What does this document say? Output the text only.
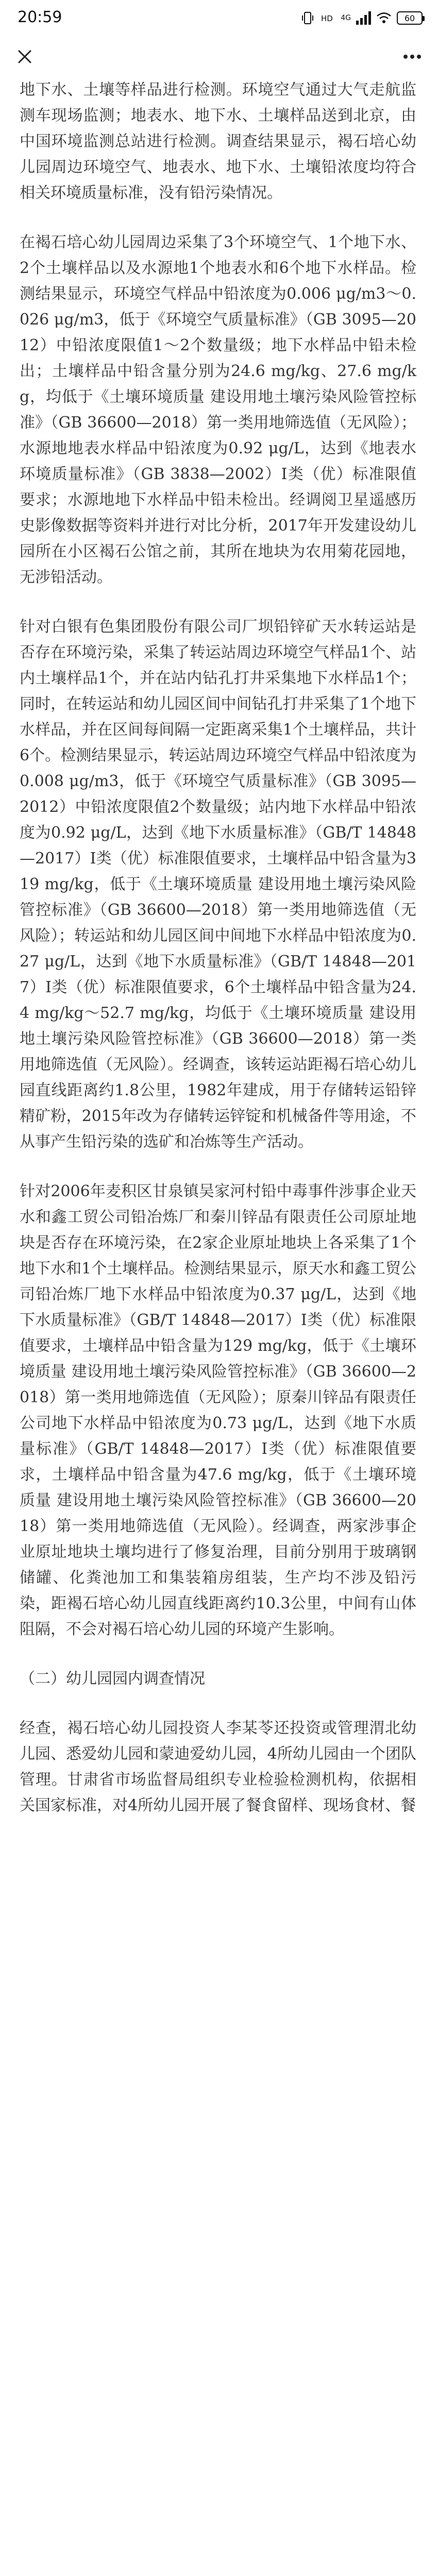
20:59	HD 4G	60

地下水、土壤等样品进行检测。环境空气通过大气走航监测车现场监测；地表水、地下水、土壤样品送到北京，由中国环境监测总站进行检测。调查结果显示，褐石培心幼儿园周边环境空气、地表水、地下水、土壤铅浓度均符合相关环境质量标准，没有铅污染情况。

在褐石培心幼儿园周边采集了3个环境空气、1个地下水、2个土壤样品以及水源地1个地表水和6个地下水样品。检测结果显示，环境空气样品中铅浓度为0.006 μg/m3～0.026 μg/m3，低于《环境空气质量标准》（GB 3095—2012）中铅浓度限值1～2个数量级；地下水样品中铅未检出；土壤样品中铅含量分别为24.6 mg/kg、27.6 mg/kg，均低于《土壤环境质量 建设用地土壤污染风险管控标准》（GB 36600—2018）第一类用地筛选值（无风险）；水源地地表水样品中铅浓度为0.92 μg/L，达到《地表水环境质量标准》（GB 3838—2002）Ⅰ类（优）标准限值要求；水源地地下水样品中铅未检出。经调阅卫星遥感历史影像数据等资料并进行对比分析，2017年开发建设幼儿园所在小区褐石公馆之前，其所在地块为农用菊花园地，无涉铅活动。

针对白银有色集团股份有限公司厂坝铅锌矿天水转运站是否存在环境污染，采集了转运站周边环境空气样品1个、站内土壤样品1个，并在站内钻孔打井采集地下水样品1个；同时，在转运站和幼儿园区间中间钻孔打井采集了1个地下水样品，并在区间每间隔一定距离采集1个土壤样品，共计6个。检测结果显示，转运站周边环境空气样品中铅浓度为0.008 μg/m3，低于《环境空气质量标准》（GB 3095—2012）中铅浓度限值2个数量级；站内地下水样品中铅浓度为0.92 μg/L，达到《地下水质量标准》（GB/T 14848—2017）Ⅰ类（优）标准限值要求，土壤样品中铅含量为319 mg/kg，低于《土壤环境质量 建设用地土壤污染风险管控标准》（GB 36600—2018）第一类用地筛选值（无风险）；转运站和幼儿园区间中间地下水样品中铅浓度为0.27 μg/L，达到《地下水质量标准》（GB/T 14848—2017）Ⅰ类（优）标准限值要求，6个土壤样品中铅含量为24.4 mg/kg～52.7 mg/kg，均低于《土壤环境质量 建设用地土壤污染风险管控标准》（GB 36600—2018）第一类用地筛选值（无风险）。经调查，该转运站距褐石培心幼儿园直线距离约1.8公里，1982年建成，用于存储转运铅锌精矿粉，2015年改为存储转运锌锭和机械备件等用途，不从事产生铅污染的选矿和冶炼等生产活动。

针对2006年麦积区甘泉镇吴家河村铅中毒事件涉事企业天水和鑫工贸公司铅冶炼厂和秦川锌品有限责任公司原址地块是否存在环境污染，在2家企业原址地块上各采集了1个地下水和1个土壤样品。检测结果显示，原天水和鑫工贸公司铅冶炼厂地下水样品中铅浓度为0.37 μg/L，达到《地下水质量标准》（GB/T 14848—2017）Ⅰ类（优）标准限值要求，土壤样品中铅含量为129 mg/kg，低于《土壤环境质量 建设用地土壤污染风险管控标准》（GB 36600—2018）第一类用地筛选值（无风险）；原秦川锌品有限责任公司地下水样品中铅浓度为0.73 μg/L，达到《地下水质量标准》（GB/T 14848—2017）Ⅰ类（优）标准限值要求，土壤样品中铅含量为47.6 mg/kg，低于《土壤环境质量 建设用地土壤污染风险管控标准》（GB 36600—2018）第一类用地筛选值（无风险）。经调查，两家涉事企业原址地块土壤均进行了修复治理，目前分别用于玻璃钢储罐、化粪池加工和集装箱房组装，生产均不涉及铅污染，距褐石培心幼儿园直线距离约10.3公里，中间有山体阻隔，不会对褐石培心幼儿园的环境产生影响。

（二）幼儿园园内调查情况

经查，褐石培心幼儿园投资人李某苓还投资或管理渭北幼儿园、悉爱幼儿园和蒙迪爱幼儿园，4所幼儿园由一个团队管理。甘肃省市场监督局组织专业检验检测机构，依据相关国家标准，对4所幼儿园开展了餐食留样、现场食材、餐
